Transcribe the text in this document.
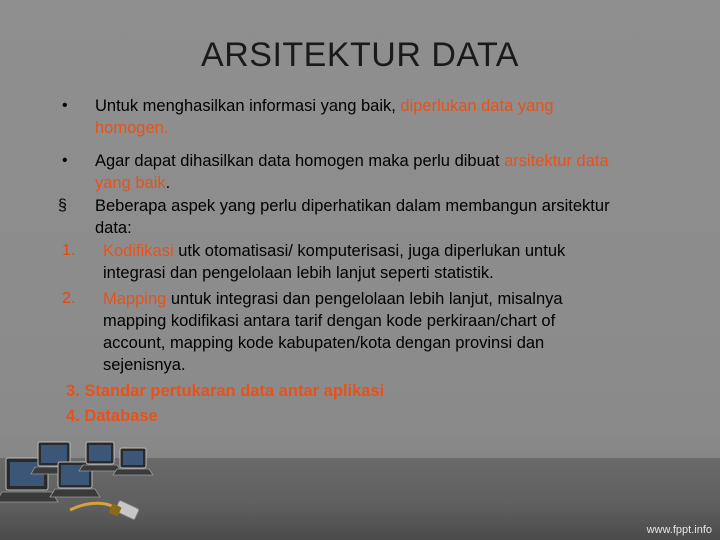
ARSITEKTUR DATA
• Untuk menghasilkan informasi yang baik, diperlukan data yang
homogen.
• Agar dapat dihasilkan data homogen maka perlu dibuat arsitektur data
yang baik.
§ Beberapa aspek yang perlu diperhatikan dalam membangun arsitektur
data:
1. Kodifikasi utk otomatisasi/ komputerisasi, juga diperlukan untuk
integrasi dan pengelolaan lebih lanjut seperti statistik.
2. Mapping untuk integrasi dan pengelolaan lebih lanjut, misalnya
mapping kodifikasi antara tarif dengan kode perkiraan/chart of
account, mapping kode kabupaten/kota dengan provinsi dan
sejenisnya.
3. Standar pertukaran data antar aplikasi
4. Database
www.fppt.info
